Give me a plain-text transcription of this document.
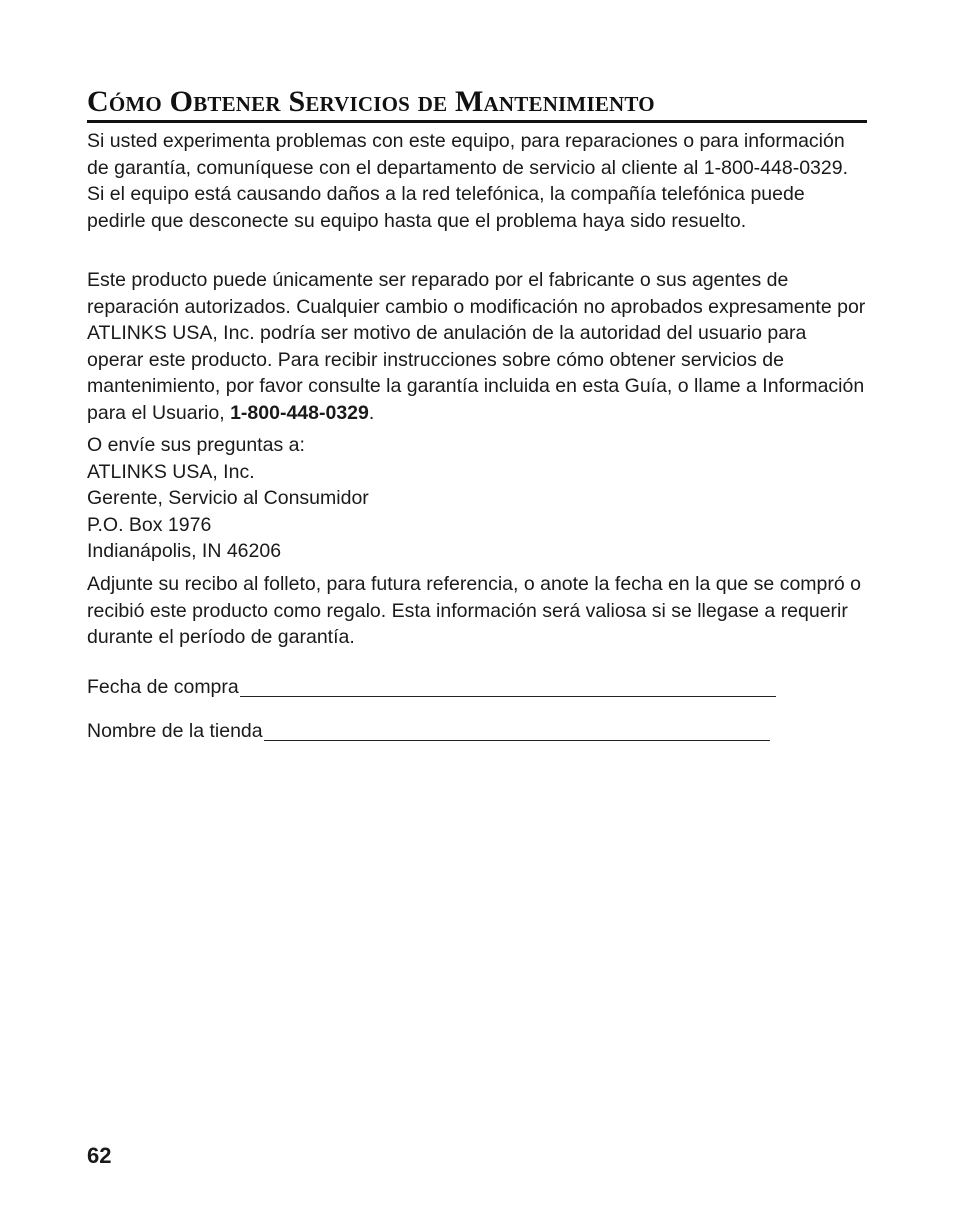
Cómo Obtener Servicios de Mantenimiento

Si usted experimenta problemas con este equipo, para reparaciones o para información de garantía, comuníquese con el departamento de servicio al cliente al 1-800-448-0329. Si el equipo está causando daños a la red telefónica, la compañía telefónica puede pedirle que desconecte su equipo hasta que el problema haya sido resuelto.

Este producto puede únicamente ser reparado por el fabricante o sus agentes de reparación autorizados. Cualquier cambio o modificación no aprobados expresamente por ATLINKS USA, Inc. podría ser motivo de anulación de la autoridad del usuario para operar este producto. Para recibir instrucciones sobre cómo obtener servicios de mantenimiento, por favor consulte la garantía incluida en esta Guía, o llame a Información para el Usuario, 1-800-448-0329.

O envíe sus preguntas a:
ATLINKS USA, Inc.
Gerente, Servicio al Consumidor
P.O. Box 1976
Indianápolis, IN 46206

Adjunte su recibo al folleto, para futura referencia, o anote la fecha en la que se compró o recibió este producto como regalo. Esta información será valiosa si se llegase a requerir durante el período de garantía.

Fecha de compra
Nombre de la tienda
62
